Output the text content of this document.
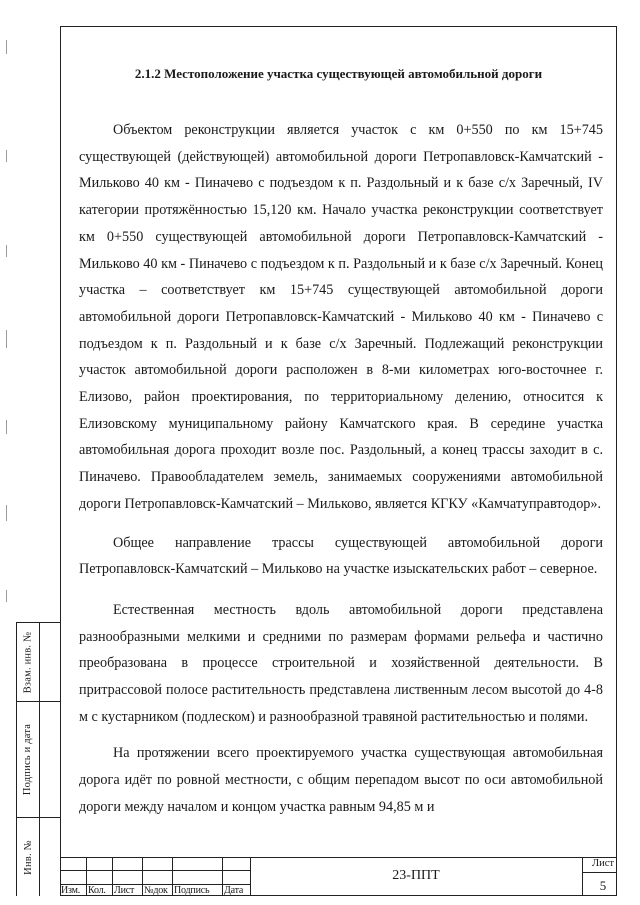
Взам. инв. №
Подпись и дата
Инв. №
2.1.2 Местоположение участка существующей автомобильной дороги

Объектом реконструкции является участок с км 0+550 по км 15+745 существующей (действующей) автомобильной дороги Петропавловск-Камчатский - Мильково 40 км - Пиначево с подъездом к п. Раздольный и к базе с/х Заречный, IV категории протяжённостью 15,120 км. Начало участка реконструкции соответствует км 0+550 существующей автомобильной дороги Петропавловск-Камчатский - Мильково 40 км - Пиначево с подъездом к п. Раздольный и к базе с/х Заречный. Конец участка – соответствует км 15+745 существующей автомобильной дороги автомобильной дороги Петропавловск-Камчатский - Мильково 40 км - Пиначево с подъездом к п. Раздольный и к базе с/х Заречный. Подлежащий реконструкции участок автомобильной дороги расположен в 8-ми километрах юго-восточнее г. Елизово, район проектирования, по территориальному делению, относится к Елизовскому муниципальному району Камчатского края. В середине участка автомобильная дорога проходит возле пос. Раздольный, а конец трассы заходит в с. Пиначево. Правообладателем земель, занимаемых сооружениями автомобильной дороги Петропавловск-Камчатский – Мильково, является КГКУ «Камчатуправтодор».

Общее направление трассы существующей автомобильной дороги Петропавловск-Камчатский – Мильково на участке изыскательских работ – северное.

Естественная местность вдоль автомобильной дороги представлена разнообразными мелкими и средними по размерам формами рельефа и частично преобразована в процессе строительной и хозяйственной деятельности. В притрассовой полосе растительность представлена лиственным лесом высотой до 4-8 м с кустарником (подлеском) и разнообразной травяной растительностью и полями.

На протяжении всего проектируемого участка существующая автомобильная дорога идёт по ровной местности, с общим перепадом высот по оси автомобильной дороги между началом и концом участка равным 94,85 м и

Изм. Кол. Лист №док Подпись Дата
23-ППТ
Лист
5
